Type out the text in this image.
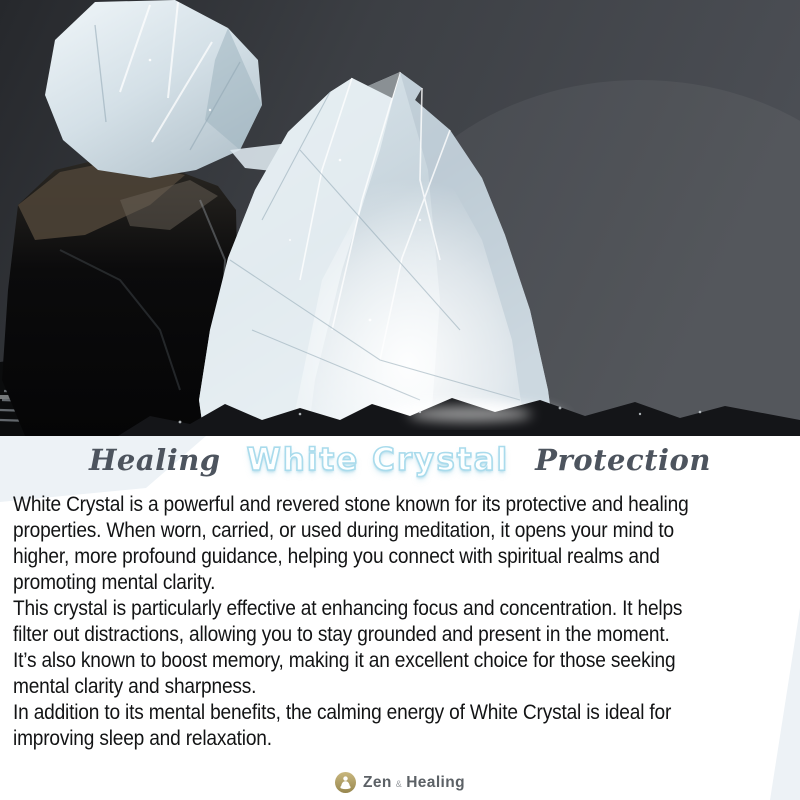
Healing White Crystal Protection

White Crystal is a powerful and revered stone known for its protective and healing
properties. When worn, carried, or used during meditation, it opens your mind to
higher, more profound guidance, helping you connect with spiritual realms and
promoting mental clarity.

This crystal is particularly effective at enhancing focus and concentration. It helps
filter out distractions, allowing you to stay grounded and present in the moment.
It’s also known to boost memory, making it an excellent choice for those seeking
mental clarity and sharpness.

In addition to its mental benefits, the calming energy of White Crystal is ideal for
improving sleep and relaxation.

Zen & Healing
